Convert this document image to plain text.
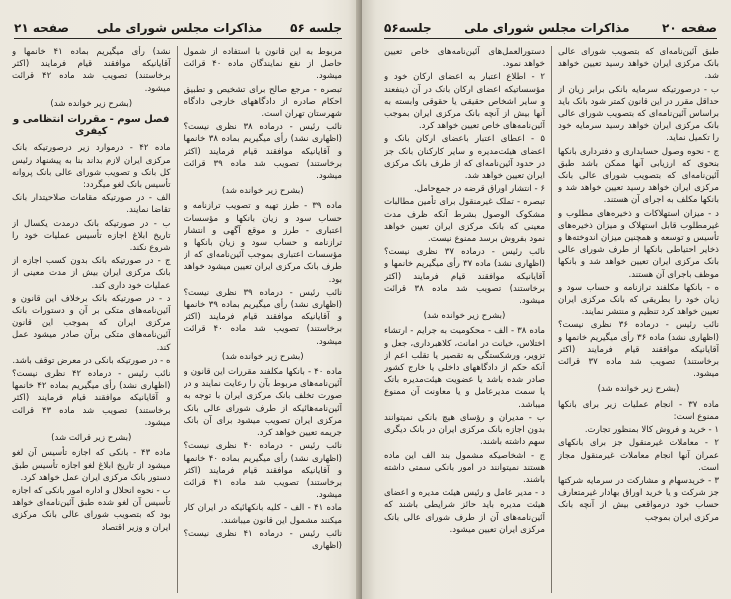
جلسه ۵۶
مذاکرات مجلس شورای ملی
صفحه ۲۱

مربوط به این قانون با استفاده از شمول حاصل از نفع نمایندگان ماده ۴۰ قرائت میشود.

تبصره - مرجع صالح برای تشخیص و تطبیق احکام صادره از دادگاههای خارجی دادگاه شهرستان تهران است.

نائب رئیس - درماده ۳۸ نظری نیست؟ (اظهاری نشد) رأی میگیریم بماده ۳۸ خانمها و آقایانیکه موافقند قیام فرمایند (اکثر برخاستند) تصویب شد ماده ۳۹ قرائت میشود.

(بشرح زیر خوانده شد)

ماده ۳۹ - طرز تهیه و تصویب ترازنامه و حساب سود و زیان بانکها و مؤسسات اعتباری - طرز و موقع آگهی و انتشار ترازنامه و حساب سود و زیان بانکها و مؤسسات اعتباری بموجب آئین‌نامه‌ای که از طرف بانک مرکزی ایران تعیین میشود خواهد بود.

نائب رئیس - درماده ۳۹ نظری نیست؟ (اظهاری نشد) رأی میگیریم بماده ۳۹ خانمها و آقایانیکه موافقند قیام فرمایند (اکثر برخاستند) تصویب شد ماده ۴۰ قرائت میشود.

(بشرح زیر خوانده شد)

ماده ۴۰ - بانکها مکلفند مقررات این قانون و آئین‌نامه‌های مربوط بآن را رعایت نمایند و در صورت تخلف بانک مرکزی ایران با توجه به آئین‌نامه‌هائیکه از طرف شورای عالی بانک مرکزی ایران تصویب میشود برای آن بانک جریمه تعیین خواهد کرد.

نائب رئیس - درماده ۴۰ نظری نیست؟ (اظهاری نشد) رأی میگیریم بماده ۴۰ خانمها و آقایانیکه موافقند قیام فرمایند (اکثر برخاستند) تصویب شد ماده ۴۱ قرائت میشود.

ماده ۴۱ - الف - کلیه بانکهائیکه در ایران کار میکنند مشمول این قانون میباشند.

نائب رئیس - درماده ۴۱ نظری نیست؟ (اظهاری

نشد) رأی میگیریم بماده ۴۱ خانمها و آقایانیکه موافقند قیام فرمایند (اکثر برخاستند) تصویب شد ماده ۴۲ قرائت میشود.

(بشرح زیر خوانده شد)

فصل سوم - مقررات انتظامی و کیفری

ماده ۴۲ - درموارد زیر درصورتیکه بانک مرکزی ایران لازم بداند بنا به پیشنهاد رئیس کل بانک و تصویب شورای عالی بانک پروانه تأسیس بانک لغو میگردد:

الف - در صورتیکه مقامات صلاحیتدار بانک تقاضا نمایند.

ب - در صورتیکه بانک درمدت یکسال از تاریخ ابلاغ اجازه تأسیس عملیات خود را شروع نکند.

ج - در صورتیکه بانک بدون کسب اجازه از بانک مرکزی ایران بیش از مدت معینی از عملیات خود داری کند.

د - در صورتیکه بانک برخلاف این قانون و آئین‌نامه‌های متکی بر آن و دستورات بانک مرکزی ایران که بموجب این قانون آئین‌نامه‌های متکی برآن صادر میشود عمل کند.

ه - در صورتیکه بانکی در معرض توقف باشد.

نائب رئیس - درماده ۴۲ نظری نیست؟ (اظهاری نشد) رأی میگیریم بماده ۴۲ خانمها و آقایانیکه موافقند قیام فرمایند (اکثر برخاستند) تصویب شد ماده ۴۳ قرائت میشود.

(بشرح زیر قرائت شد)

ماده ۴۳ - بانکی که اجازه تأسیس آن لغو میشود از تاریخ ابلاغ لغو اجازه تأسیس طبق دستور بانک مرکزی ایران عمل خواهد کرد.

ب - نحوه انحلال و اداره امور بانکی که اجازه تأسیس آن لغو شده طبق آئین‌نامه‌ای خواهد بود که بتصویب شورای عالی بانک مرکزی ایران و وزیر اقتصاد

صفحه ۲۰
مذاکرات مجلس شورای ملی
جلسه۵۶

طبق آئین‌نامه‌ای که بتصویب شورای عالی بانک مرکزی ایران خواهد رسید تعیین خواهد شد.

ب - درصورتیکه سرمایه بانکی برابر زیان از حداقل مقرر در این قانون کمتر شود بانک باید براساس آئین‌نامه‌ای که بتصویب شورای عالی بانک مرکزی ایران خواهد رسید سرمایه خود را تکمیل نماید.

ج - نحوه وصول حسابداری و دفترداری بانکها بنحوی که ارزیابی آنها ممکن باشد طبق آئین‌نامه‌ای که بتصویب شورای عالی بانک مرکزی ایران خواهد رسید تعیین خواهد شد و بانکها مکلف به اجرای آن هستند.

د - میزان استهلاکات و ذخیره‌های مطلوب و غیرمطلوب قابل استهلاک و میزان ذخیره‌های تأسیس و توسعه و همچنین میزان اندوخته‌ها و ذخایر احتیاطی بانکها از طرف شورای عالی بانک مرکزی ایران تعیین خواهد شد و بانکها موظف باجرای آن هستند.

ه - بانکها مکلفند ترازنامه و حساب سود و زیان خود را بطریقی که بانک مرکزی ایران تعیین خواهد کرد تنظیم و منتشر نمایند.

نائب رئیس - درماده ۳۶ نظری نیست؟ (اظهاری نشد) ماده ۳۶ رأی میگیریم خانمها و آقایانیکه موافقند قیام فرمایند (اکثر برخاستند) تصویب شد ماده ۳۷ قرائت میشود.

(بشرح زیر خوانده شد)

ماده ۳۷ - انجام عملیات زیر برای بانکها ممنوع است:

۱ - خرید و فروش کالا بمنظور تجارت.

۲ - معاملات غیرمنقول جز برای بانکهای عمران آنها انجام معاملات غیرمنقول مجاز است.

۳ - خریدسهام و مشارکت در سرمایه شرکتها جز شرکت و یا خرید اوراق بهادار غیرمتعارف حساب خود درمواقعی بیش از آنچه بانک مرکزی ایران بموجب

دستورالعمل‌های آئین‌نامه‌های خاص تعیین خواهد نمود.

۲ - اطلاع اعتبار به اعضای ارکان خود و مؤسساتیکه اعضای ارکان بانک در آن ذینفعند و سایر اشخاص حقیقی یا حقوقی وابسته به آنها بیش از آنچه بانک مرکزی ایران بموجب آئین‌نامه‌های خاص تعیین خواهد کرد.

۵ - اعطای اعتبار باعضای ارکان بانک و اعضای هیئت‌مدیره و سایر کارکنان بانک جز در حدود آئین‌نامه‌ای که از طرف بانک مرکزی ایران تعیین خواهد شد.

۶ - انتشار اوراق قرضه در جمع‌حامل.

تبصره - تملک غیرمنقول برای تأمین مطالبات مشکوک الوصول بشرط آنکه ظرف مدت معینی که بانک مرکزی ایران تعیین خواهد نمود بفروش برسد ممنوع نیست.

نائب رئیس - درماده ۳۷ نظری نیست؟ (اظهاری نشد) ماده ۳۷ رأی میگیریم خانمها و آقایانیکه موافقند قیام فرمایند (اکثر برخاستند) تصویب شد ماده ۳۸ قرائت میشود.

(بشرح زیر خوانده شد)

ماده ۳۸ - الف - محکومیت به جرایم - ارتشاء اختلاس، خیانت در امانت، کلاهبرداری، جعل و تزویر، ورشکستگی به تقصیر یا تقلب اعم از آنکه حکم از دادگاههای داخلی یا خارج کشور صادر شده باشد یا عضویت هیئت‌مدیره بانک یا سمت مدیرعامل و یا معاونت آن ممنوع میباشد.

ب - مدیران و رؤسای هیچ بانکی نمیتوانند بدون اجازه بانک مرکزی ایران در بانک دیگری سهم داشته باشند.

ج - اشخاصیکه مشمول بند الف این ماده هستند نمیتوانند در امور بانکی سمتی داشته باشند.

د - مدیر عامل و رئیس هیئت مدیره و اعضای هیئت مدیره باید حائز شرایطی باشند که آئین‌نامه‌های آن از طرف شورای عالی بانک مرکزی ایران تعیین میشود.
